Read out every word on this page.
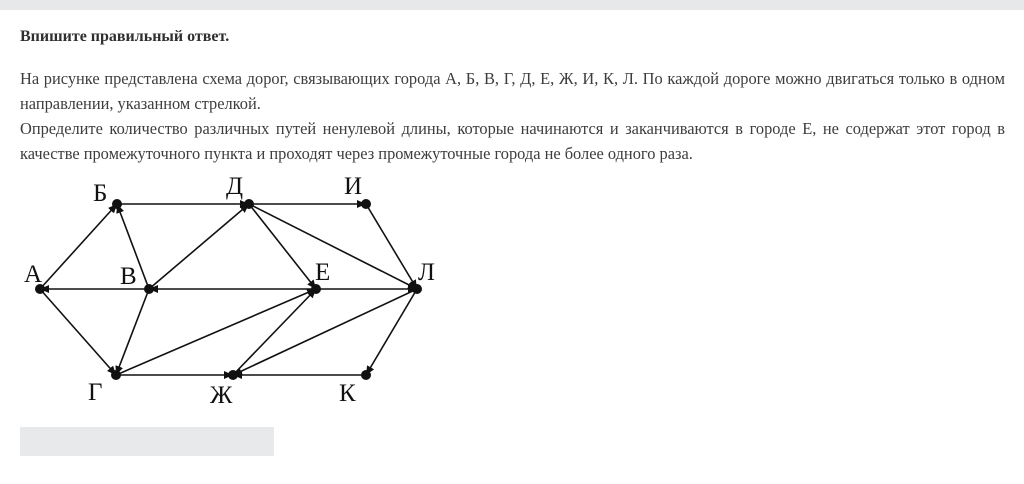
Впишите правильный ответ.

На рисунке представлена схема дорог, связывающих города А, Б, В, Г, Д, Е, Ж, И, К, Л. По каждой дороге можно двигаться только в одном направлении, указанном стрелкой.

Определите количество различных путей ненулевой длины, которые начинаются и заканчиваются в городе Е, не содержат этот город в качестве промежуточного пункта и проходят через промежуточные города не более одного раза.

А
Б
В
Г
Д
Е
Ж
И
К
Л
